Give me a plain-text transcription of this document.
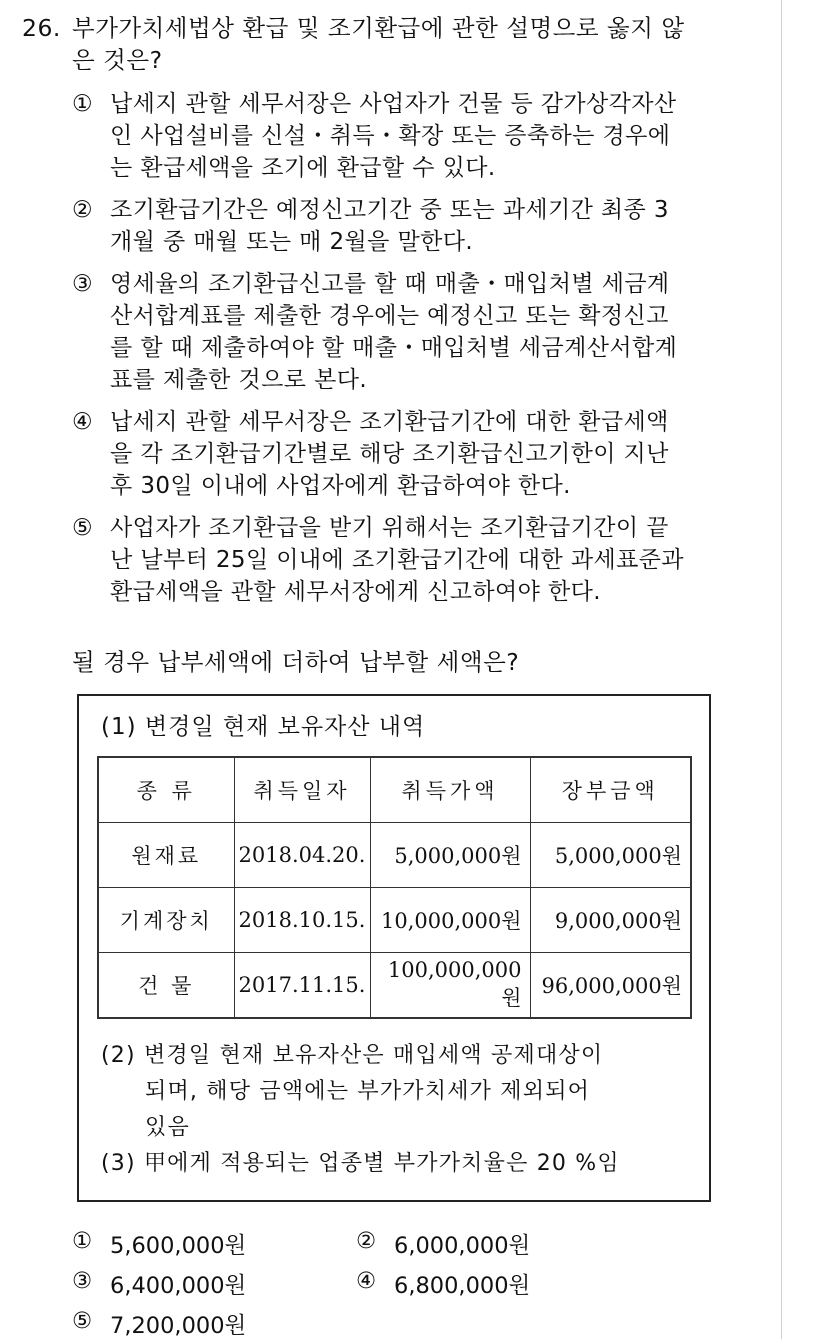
26. 부가가치세법상 환급 및 조기환급에 관한 설명으로 옳지 않
은 것은?
① 납세지 관할 세무서장은 사업자가 건물 등 감가상각자산
인 사업설비를 신설・취득・확장 또는 증축하는 경우에
는 환급세액을 조기에 환급할 수 있다.
② 조기환급기간은 예정신고기간 중 또는 과세기간 최종 3
개월 중 매월 또는 매 2월을 말한다.
③ 영세율의 조기환급신고를 할 때 매출・매입처별 세금계
산서합계표를 제출한 경우에는 예정신고 또는 확정신고
를 할 때 제출하여야 할 매출・매입처별 세금계산서합계
표를 제출한 것으로 본다.
④ 납세지 관할 세무서장은 조기환급기간에 대한 환급세액
을 각 조기환급기간별로 해당 조기환급신고기한이 지난
후 30일 이내에 사업자에게 환급하여야 한다.
⑤ 사업자가 조기환급을 받기 위해서는 조기환급기간이 끝
난 날부터 25일 이내에 조기환급기간에 대한 과세표준과
환급세액을 관할 세무서장에게 신고하여야 한다.
될 경우 납부세액에 더하여 납부할 세액은?
(1) 변경일 현재 보유자산 내역
종 류	취득일자	취득가액	장부금액
원재료	2018.04.20.	5,000,000원	5,000,000원
기계장치	2018.10.15.	10,000,000원	9,000,000원
건 물	2017.11.15.	100,000,000원	96,000,000원
(2) 변경일 현재 보유자산은 매입세액 공제대상이
되며, 해당 금액에는 부가가치세가 제외되어
있음
(3) 甲에게 적용되는 업종별 부가가치율은 20 %임
① 5,600,000원	② 6,000,000원
③ 6,400,000원	④ 6,800,000원
⑤ 7,200,000원
